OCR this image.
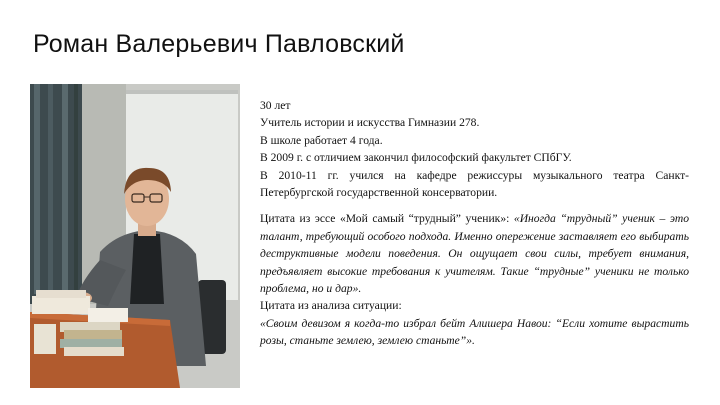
Роман Валерьевич Павловский

30 лет

Учитель истории и искусства Гимназии 278.

В школе работает 4 года.

В 2009 г. с отличием закончил философский факультет СПбГУ.

В 2010-11 гг. учился на кафедре режиссуры музыкального театра Санкт-Петербургской государственной консерватории.

Цитата из эссе «Мой самый “трудный” ученик»: «Иногда “трудный” ученик – это талант, требующий особого подхода. Именно опережение заставляет его выбирать деструктивные модели поведения. Он ощущает свои силы, требует внимания, предъявляет высокие требования к учителям. Такие “трудные” ученики не только проблема, но и дар».

Цитата из анализа ситуации:

«Своим девизом я когда-то избрал бейт Алишера Навои: “Если хотите вырастить розы, станьте землею, землею станьте”».
